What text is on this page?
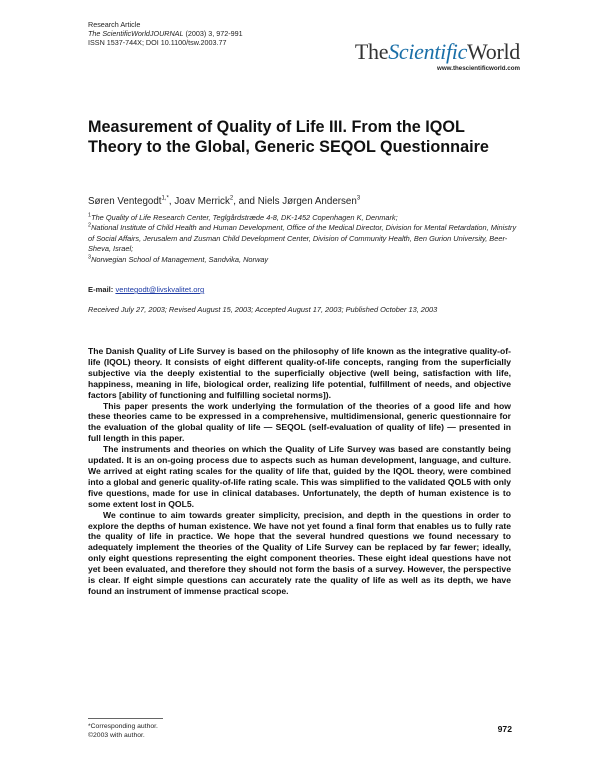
Research Article
The ScientificWorldJOURNAL (2003) 3, 972-991
ISSN 1537-744X; DOI 10.1100/tsw.2003.77	TheScientificWorld
www.thescientificworld.com
Measurement of Quality of Life III. From the IQOL Theory to the Global, Generic SEQOL Questionnaire
Søren Ventegodt$^{1,*}$, Joav Merrick$^2$, and Niels Jørgen Andersen$^3$
$^1$The Quality of Life Research Center, Teglgårdstræde 4-8, DK-1452 Copenhagen K, Denmark;
$^2$National Institute of Child Health and Human Development, Office of the Medical Director, Division for Mental Retardation, Ministry of Social Affairs, Jerusalem and Zusman Child Development Center, Division of Community Health, Ben Gurion University, Beer-Sheva, Israel;
$^3$Norwegian School of Management, Sandvika, Norway
E-mail: ventegodt@livskvalitet.org
Received July 27, 2003; Revised August 15, 2003; Accepted August 17, 2003; Published October 13, 2003

The Danish Quality of Life Survey is based on the philosophy of life known as the integrative quality-of-life (IQOL) theory. It consists of eight different quality-of-life concepts, ranging from the superficially subjective via the deeply existential to the superficially objective (well being, satisfaction with life, happiness, meaning in life, biological order, realizing life potential, fulfillment of needs, and objective factors [ability of functioning and fulfilling societal norms]).

This paper presents the work underlying the formulation of the theories of a good life and how these theories came to be expressed in a comprehensive, multidimensional, generic questionnaire for the evaluation of the global quality of life — SEQOL (self-evaluation of quality of life) — presented in full length in this paper.

The instruments and theories on which the Quality of Life Survey was based are constantly being updated. It is an on-going process due to aspects such as human development, language, and culture. We arrived at eight rating scales for the quality of life that, guided by the IQOL theory, were combined into a global and generic quality-of-life rating scale. This was simplified to the validated QOL5 with only five questions, made for use in clinical databases. Unfortunately, the depth of human existence is to some extent lost in QOL5.

We continue to aim towards greater simplicity, precision, and depth in the questions in order to explore the depths of human existence. We have not yet found a final form that enables us to fully rate the quality of life in practice. We hope that the several hundred questions we found necessary to adequately implement the theories of the Quality of Life Survey can be replaced by far fewer; ideally, only eight questions representing the eight component theories. These eight ideal questions have not yet been evaluated, and therefore they should not form the basis of a survey. However, the perspective is clear. If eight simple questions can accurately rate the quality of life as well as its depth, we have found an instrument of immense practical scope.

*Corresponding author.
©2003 with author.
972
